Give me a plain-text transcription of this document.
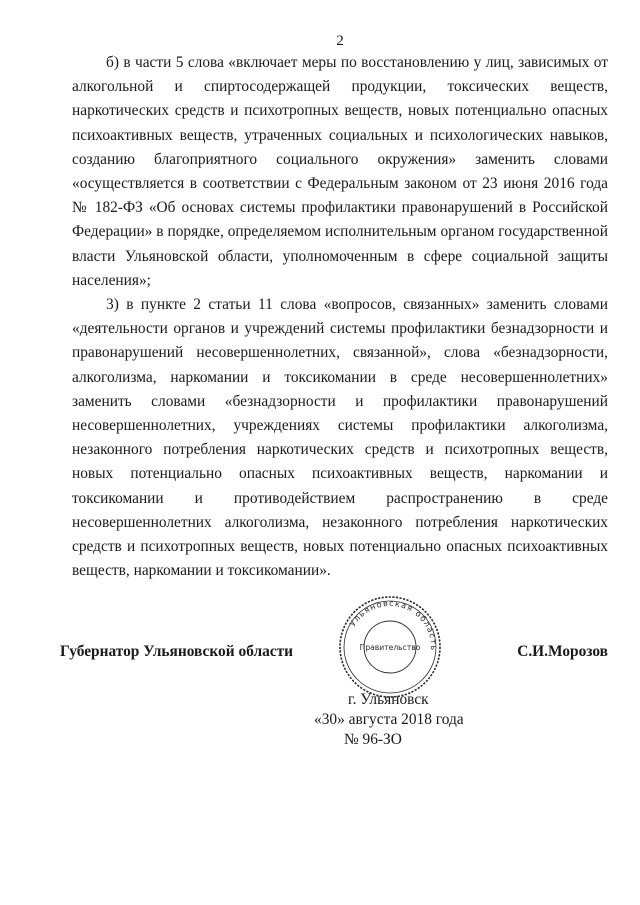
2

б) в части 5 слова «включает меры по восстановлению у лиц, зависимых от алкогольной и спиртосодержащей продукции, токсических веществ, наркотических средств и психотропных веществ, новых потенциально опасных психоактивных веществ, утраченных социальных и психологических навыков, созданию благоприятного социального окружения» заменить словами «осуществляется в соответствии с Федеральным законом от 23 июня 2016 года № 182-ФЗ «Об основах системы профилактики правонарушений в Российской Федерации» в порядке, определяемом исполнительным органом государственной власти Ульяновской области, уполномоченным в сфере социальной защиты населения»;

3) в пункте 2 статьи 11 слова «вопросов, связанных» заменить словами «деятельности органов и учреждений системы профилактики безнадзорности и правонарушений несовершеннолетних, связанной», слова «безнадзорности, алкоголизма, наркомании и токсикомании в среде несовершеннолетних» заменить словами «безнадзорности и профилактики правонарушений несовершеннолетних, учреждениях системы профилактики алкоголизма, незаконного потребления наркотических средств и психотропных веществ, новых потенциально опасных психоактивных веществ, наркомании и токсикомании и противодействием распространению в среде несовершеннолетних алкоголизма, незаконного потребления наркотических средств и психотропных веществ, новых потенциально опасных психоактивных веществ, наркомании и токсикомании».

Губернатор Ульяновской области	С.И.Морозов
Ульяновская область
Правительство
г. Ульяновск
«30» августа 2018 года
№ 96-ЗО
